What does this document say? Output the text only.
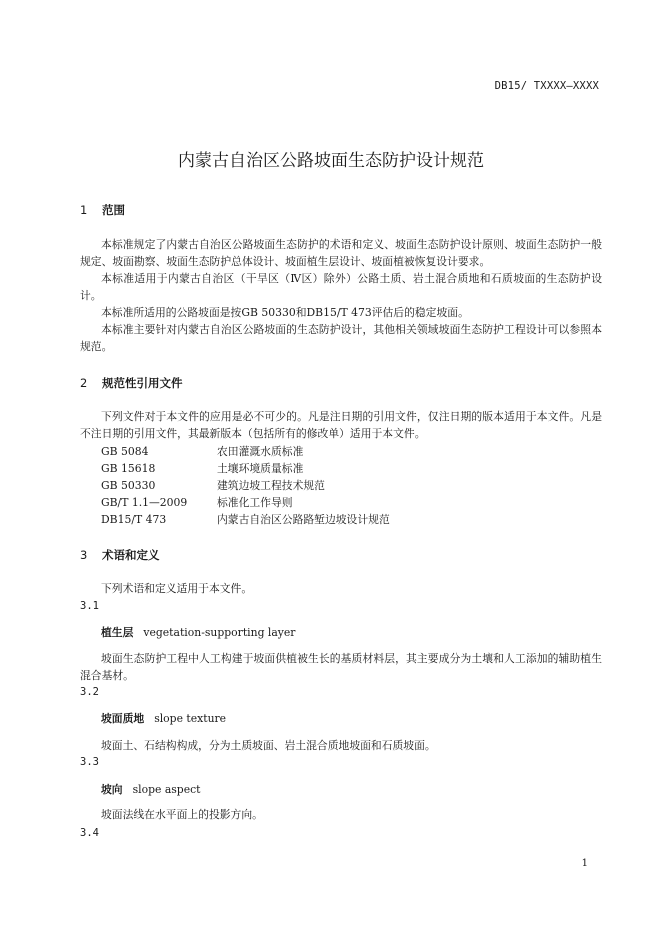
DB15/ TXXXX—XXXX
内蒙古自治区公路坡面生态防护设计规范
1 范围
本标准规定了内蒙古自治区公路坡面生态防护的术语和定义、坡面生态防护设计原则、坡面生态防护一般规定、坡面勘察、坡面生态防护总体设计、坡面植生层设计、坡面植被恢复设计要求。
本标准适用于内蒙古自治区（干旱区（Ⅳ区）除外）公路土质、岩土混合质地和石质坡面的生态防护设计。
本标准所适用的公路坡面是按GB 50330和DB15/T 473评估后的稳定坡面。
本标准主要针对内蒙古自治区公路坡面的生态防护设计，其他相关领域坡面生态防护工程设计可以参照本规范。
2 规范性引用文件
下列文件对于本文件的应用是必不可少的。凡是注日期的引用文件，仅注日期的版本适用于本文件。凡是不注日期的引用文件，其最新版本（包括所有的修改单）适用于本文件。
GB 5084	农田灌溉水质标准
GB 15618	土壤环境质量标准
GB 50330	建筑边坡工程技术规范
GB/T 1.1—2009	标准化工作导则
DB15/T 473	内蒙古自治区公路路堑边坡设计规范
3 术语和定义
下列术语和定义适用于本文件。
3.1
植生层 vegetation-supporting layer
坡面生态防护工程中人工构建于坡面供植被生长的基质材料层，其主要成分为土壤和人工添加的辅助植生混合基材。
3.2
坡面质地 slope texture
坡面土、石结构构成，分为土质坡面、岩土混合质地坡面和石质坡面。
3.3
坡向 slope aspect
坡面法线在水平面上的投影方向。
3.4
1
